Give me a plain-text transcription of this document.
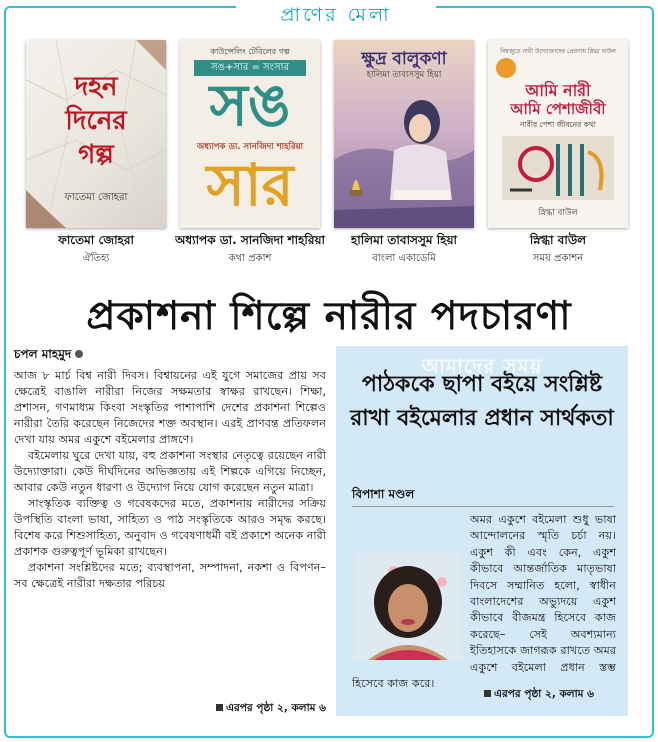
প্রাণের মেলা
দহন
দিনের
গল্প
ফাতেমা জোহরা
ফাতেমা জোহরা
ঐতিহ্য
কাউন্সেলিং টেবিলের গল্প
সঙ+সার = সংসার
সঙ
অধ্যাপক ডা. সানজিদা শাহরিয়া
সার
অধ্যাপক ডা. সানজিদা শাহরিয়া
কথা প্রকাশ
ক্ষুদ্র বালুকণা
হালিমা তাবাসসুম হিয়া
হালিমা তাবাসসুম হিয়া
বাংলা একাডেমি
বিশ্বজুড়ে নারী উদ্যোক্তাদের প্রেরণায় স্নিগ্ধা বাউল
আমি নারী
আমি পেশাজীবী
নারীর পেশা জীবনের কথা
স্নিগ্ধা বাউল
স্নিগ্ধা বাউল
সময় প্রকাশন
প্রকাশনা শিল্পে নারীর পদচারণা
চপল মাহমুদ

আজ ৮ মার্চ বিশ্ব নারী দিবস। বিশ্বায়নের এই যুগে সমাজের প্রায় সব ক্ষেত্রেই বাঙালি নারীরা নিজের সক্ষমতার স্বাক্ষর রাখছেন। শিক্ষা, প্রশাসন, গণমাধ্যম কিংবা সংস্কৃতির পাশাপাশি দেশের প্রকাশনা শিল্পেও নারীরা তৈরি করেছেন নিজেদের শক্ত অবস্থান। এরই প্রাণবন্ত প্রতিফলন দেখা যায় অমর একুশে বইমেলার প্রাঙ্গণে।

বইমেলায় ঘুরে দেখা যায়, বহু প্রকাশনা সংস্থার নেতৃত্বে রয়েছেন নারী উদ্যোক্তারা। কেউ দীর্ঘদিনের অভিজ্ঞতায় এই শিল্পকে এগিয়ে নিচ্ছেন, আবার কেউ নতুন ধারণা ও উদ্যোগ নিয়ে যোগ করেছেন নতুন মাত্রা।

সাংস্কৃতিক ব্যক্তিত্ব ও গবেষকদের মতে, প্রকাশনায় নারীদের সক্রিয় উপস্থিতি বাংলা ভাষা, সাহিত্য ও পাঠ সংস্কৃতিকে আরও সমৃদ্ধ করছে। বিশেষ করে শিশুসাহিত্য, অনুবাদ ও গবেষণাধর্মী বই প্রকাশে অনেক নারী প্রকাশক গুরুত্বপূর্ণ ভূমিকা রাখছেন।

প্রকাশনা সংশ্লিষ্টদের মতে; ব্যবস্থাপনা, সম্পাদনা, নকশা ও বিপণন– সব ক্ষেত্রেই নারীরা দক্ষতার পরিচয়

এরপর পৃষ্ঠা ২, কলাম ৬
আমাদের সময়
পাঠককে ছাপা বইয়ে সংশ্লিষ্ট রাখা বইমেলার প্রধান সার্থকতা
বিপাশা মণ্ডল
অমর একুশে বইমেলা শুধু ভাষা আন্দোলনের স্মৃতি চর্চা নয়। একুশ কী এবং কেন, একুশ কীভাবে আন্তর্জাতিক মাতৃভাষা দিবসে সম্মানিত হলো, স্বাধীন বাংলাদেশের অভ্যুদয়ে একুশ কীভাবে বীজমন্ত্র হিসেবে কাজ করেছে– সেই অবশ্যমান্য ইতিহাসকে জাগরূক রাখতে অমর একুশে বইমেলা প্রধান স্তম্ভ হিসেবে কাজ করে।
এরপর পৃষ্ঠা ২, কলাম ৬
